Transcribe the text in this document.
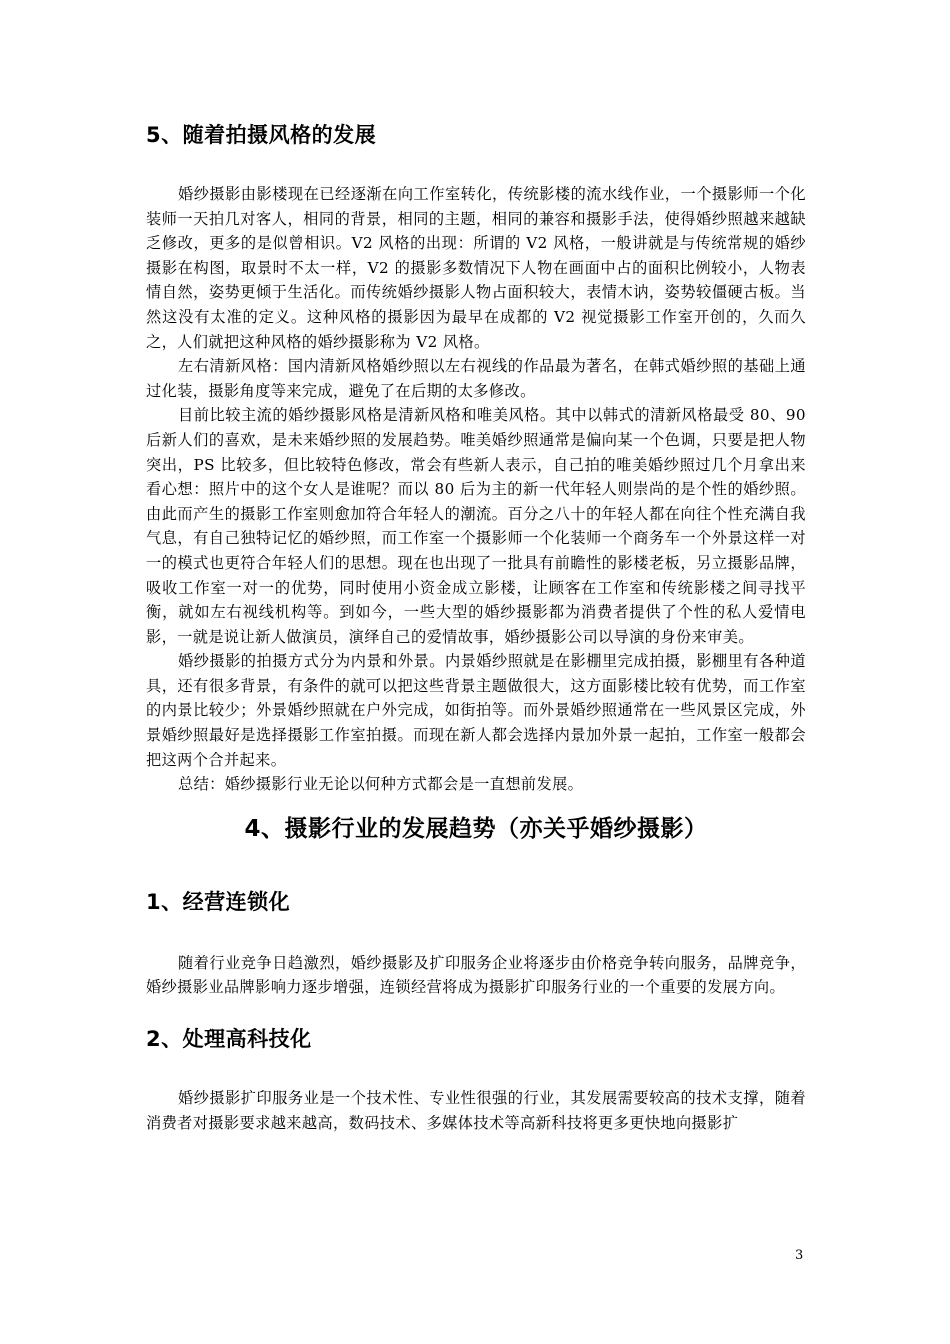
5、随着拍摄风格的发展

婚纱摄影由影楼现在已经逐渐在向工作室转化，传统影楼的流水线作业，一个摄影师一个化装师一天拍几对客人，相同的背景，相同的主题，相同的兼容和摄影手法，使得婚纱照越来越缺乏修改，更多的是似曾相识。V2 风格的出现：所谓的 V2 风格，一般讲就是与传统常规的婚纱摄影在构图，取景时不太一样，V2 的摄影多数情况下人物在画面中占的面积比例较小，人物表情自然，姿势更倾于生活化。而传统婚纱摄影人物占面积较大，表情木讷，姿势较僵硬古板。当然这没有太准的定义。这种风格的摄影因为最早在成都的 V2 视觉摄影工作室开创的，久而久之，人们就把这种风格的婚纱摄影称为 V2 风格。

左右清新风格：国内清新风格婚纱照以左右视线的作品最为著名，在韩式婚纱照的基础上通过化装，摄影角度等来完成，避免了在后期的太多修改。

目前比较主流的婚纱摄影风格是清新风格和唯美风格。其中以韩式的清新风格最受 80、90 后新人们的喜欢，是未来婚纱照的发展趋势。唯美婚纱照通常是偏向某一个色调，只要是把人物突出，PS 比较多，但比较特色修改，常会有些新人表示，自己拍的唯美婚纱照过几个月拿出来看心想：照片中的这个女人是谁呢？而以 80 后为主的新一代年轻人则崇尚的是个性的婚纱照。由此而产生的摄影工作室则愈加符合年轻人的潮流。百分之八十的年轻人都在向往个性充满自我气息，有自己独特记忆的婚纱照，而工作室一个摄影师一个化装师一个商务车一个外景这样一对一的模式也更符合年轻人们的思想。现在也出现了一批具有前瞻性的影楼老板，另立摄影品牌，吸收工作室一对一的优势，同时使用小资金成立影楼，让顾客在工作室和传统影楼之间寻找平衡，就如左右视线机构等。到如今，一些大型的婚纱摄影都为消费者提供了个性的私人爱情电影，一就是说让新人做演员，演绎自己的爱情故事，婚纱摄影公司以导演的身份来审美。

婚纱摄影的拍摄方式分为内景和外景。内景婚纱照就是在影棚里完成拍摄，影棚里有各种道具，还有很多背景，有条件的就可以把这些背景主题做很大，这方面影楼比较有优势，而工作室的内景比较少；外景婚纱照就在户外完成，如街拍等。而外景婚纱照通常在一些风景区完成，外景婚纱照最好是选择摄影工作室拍摄。而现在新人都会选择内景加外景一起拍，工作室一般都会把这两个合并起来。

总结：婚纱摄影行业无论以何种方式都会是一直想前发展。

4、摄影行业的发展趋势（亦关乎婚纱摄影）
1、经营连锁化

随着行业竞争日趋激烈，婚纱摄影及扩印服务企业将逐步由价格竞争转向服务，品牌竞争，婚纱摄影业品牌影响力逐步增强，连锁经营将成为摄影扩印服务行业的一个重要的发展方向。

2、处理高科技化

婚纱摄影扩印服务业是一个技术性、专业性很强的行业，其发展需要较高的技术支撑，随着消费者对摄影要求越来越高，数码技术、多媒体技术等高新科技将更多更快地向摄影扩

3
